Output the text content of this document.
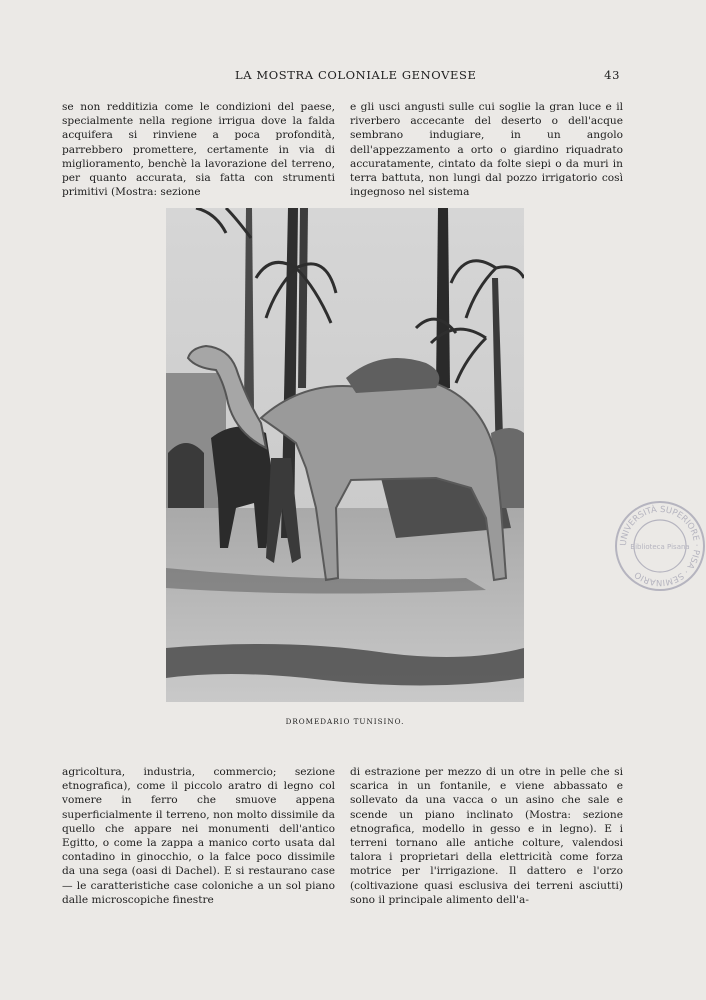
LA MOSTRA COLONIALE GENOVESE	43
se non redditizia come le condizioni del paese, specialmente nella regione irrigua dove la falda acquifera si rinviene a poca profondità, parrebbero promettere, certamente in via di miglioramento, benchè la lavorazione del terreno, per quanto accurata, sia fatta con strumenti primitivi (Mostra: sezione
e gli usci angusti sulle cui soglie la gran luce e il riverbero accecante del deserto o dell'acque sembrano indugiare, in un angolo dell'appezzamento a orto o giardino riquadrato accuratamente, cintato da folte siepi o da muri in terra battuta, non lungi dal pozzo irrigatorio così ingegnoso nel sistema
DROMEDARIO TUNISINO.
agricoltura, industria, commercio; sezione etnografica), come il piccolo aratro di legno col vomere in ferro che smuove appena superficialmente il terreno, non molto dissimile da quello che appare nei monumenti dell'antico Egitto, o come la zappa a manico corto usata dal contadino in ginocchio, o la falce poco dissimile da una sega (oasi di Dachel). E si restaurano case — le caratteristiche case coloniche a un sol piano dalle microscopiche finestre
di estrazione per mezzo di un otre in pelle che si scarica in un fontanile, e viene abbassato e sollevato da una vacca o un asino che sale e scende un piano inclinato (Mostra: sezione etnografica, modello in gesso e in legno). E i terreni tornano alle antiche colture, valendosi talora i proprietari della elettricità come forza motrice per l'irrigazione. Il dattero e l'orzo (coltivazione quasi esclusiva dei terreni asciutti) sono il principale alimento dell'a-
UNIVERSITÀ SUPERIORE · PISA · SEMINARIO
Biblioteca Pisana
